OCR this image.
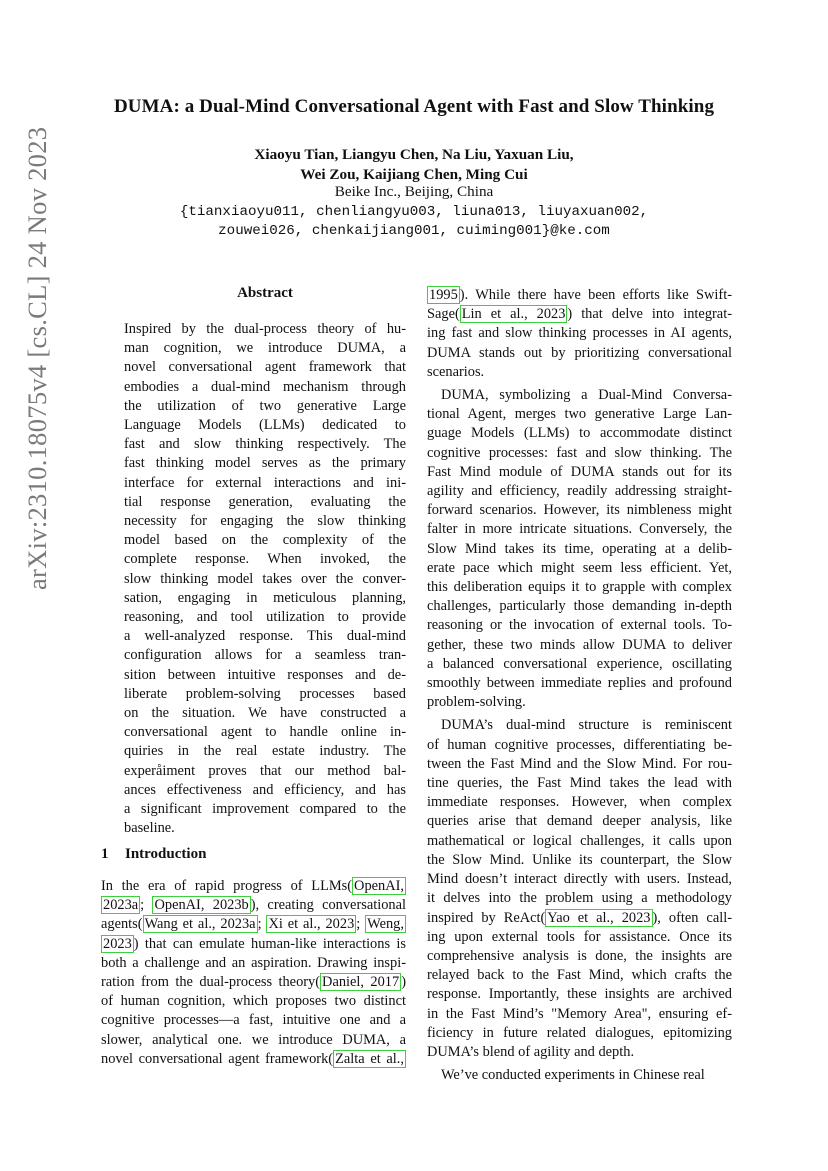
DUMA: a Dual-Mind Conversational Agent with Fast and Slow Thinking
Xiaoyu Tian, Liangyu Chen, Na Liu, Yaxuan Liu,
Wei Zou, Kaijiang Chen, Ming Cui
Beike Inc., Beijing, China
{tianxiaoyu011, chenliangyu003, liuna013, liuyaxuan002,
zouwei026, chenkaijiang001, cuiming001}@ke.com
arXiv:2310.18075v4 [cs.CL] 24 Nov 2023	Abstract
Inspired by the dual-process theory of hu-
man cognition, we introduce DUMA, a
novel conversational agent framework that
embodies a dual-mind mechanism through
the utilization of two generative Large
Language Models (LLMs) dedicated to
fast and slow thinking respectively. The
fast thinking model serves as the primary
interface for external interactions and ini-
tial response generation, evaluating the
necessity for engaging the slow thinking
model based on the complexity of the
complete response. When invoked, the
slow thinking model takes over the conver-
sation, engaging in meticulous planning,
reasoning, and tool utilization to provide
a well-analyzed response. This dual-mind
configuration allows for a seamless tran-
sition between intuitive responses and de-
liberate problem-solving processes based
on the situation. We have constructed a
conversational agent to handle online in-
quiries in the real estate industry. The
experåiment proves that our method bal-
ances effectiveness and efficiency, and has
a significant improvement compared to the
baseline.
1 Introduction
In the era of rapid progress of LLMs( OpenAI,
2023a ; OpenAI, 2023b ), creating conversational
agents( Wang et al., 2023a ; Xi et al., 2023 ; Weng,
2023 ) that can emulate human-like interactions is
both a challenge and an aspiration. Drawing inspi-
ration from the dual-process theory( Daniel, 2017 )
of human cognition, which proposes two distinct
cognitive processes—a fast, intuitive one and a
slower, analytical one. we introduce DUMA, a
novel conversational agent framework( Zalta et al.,
1995 ). While there have been efforts like Swift-
Sage( Lin et al., 2023 ) that delve into integrat-
ing fast and slow thinking processes in AI agents,
DUMA stands out by prioritizing conversational
scenarios.
DUMA, symbolizing a Dual-Mind Conversa-
tional Agent, merges two generative Large Lan-
guage Models (LLMs) to accommodate distinct
cognitive processes: fast and slow thinking. The
Fast Mind module of DUMA stands out for its
agility and efficiency, readily addressing straight-
forward scenarios. However, its nimbleness might
falter in more intricate situations. Conversely, the
Slow Mind takes its time, operating at a delib-
erate pace which might seem less efficient. Yet,
this deliberation equips it to grapple with complex
challenges, particularly those demanding in-depth
reasoning or the invocation of external tools. To-
gether, these two minds allow DUMA to deliver
a balanced conversational experience, oscillating
smoothly between immediate replies and profound
problem-solving.
DUMA’s dual-mind structure is reminiscent
of human cognitive processes, differentiating be-
tween the Fast Mind and the Slow Mind. For rou-
tine queries, the Fast Mind takes the lead with
immediate responses. However, when complex
queries arise that demand deeper analysis, like
mathematical or logical challenges, it calls upon
the Slow Mind. Unlike its counterpart, the Slow
Mind doesn’t interact directly with users. Instead,
it delves into the problem using a methodology
inspired by ReAct( Yao et al., 2023 ), often call-
ing upon external tools for assistance. Once its
comprehensive analysis is done, the insights are
relayed back to the Fast Mind, which crafts the
response. Importantly, these insights are archived
in the Fast Mind’s "Memory Area", ensuring ef-
ficiency in future related dialogues, epitomizing
DUMA’s blend of agility and depth.
We’ve conducted experiments in Chinese real
